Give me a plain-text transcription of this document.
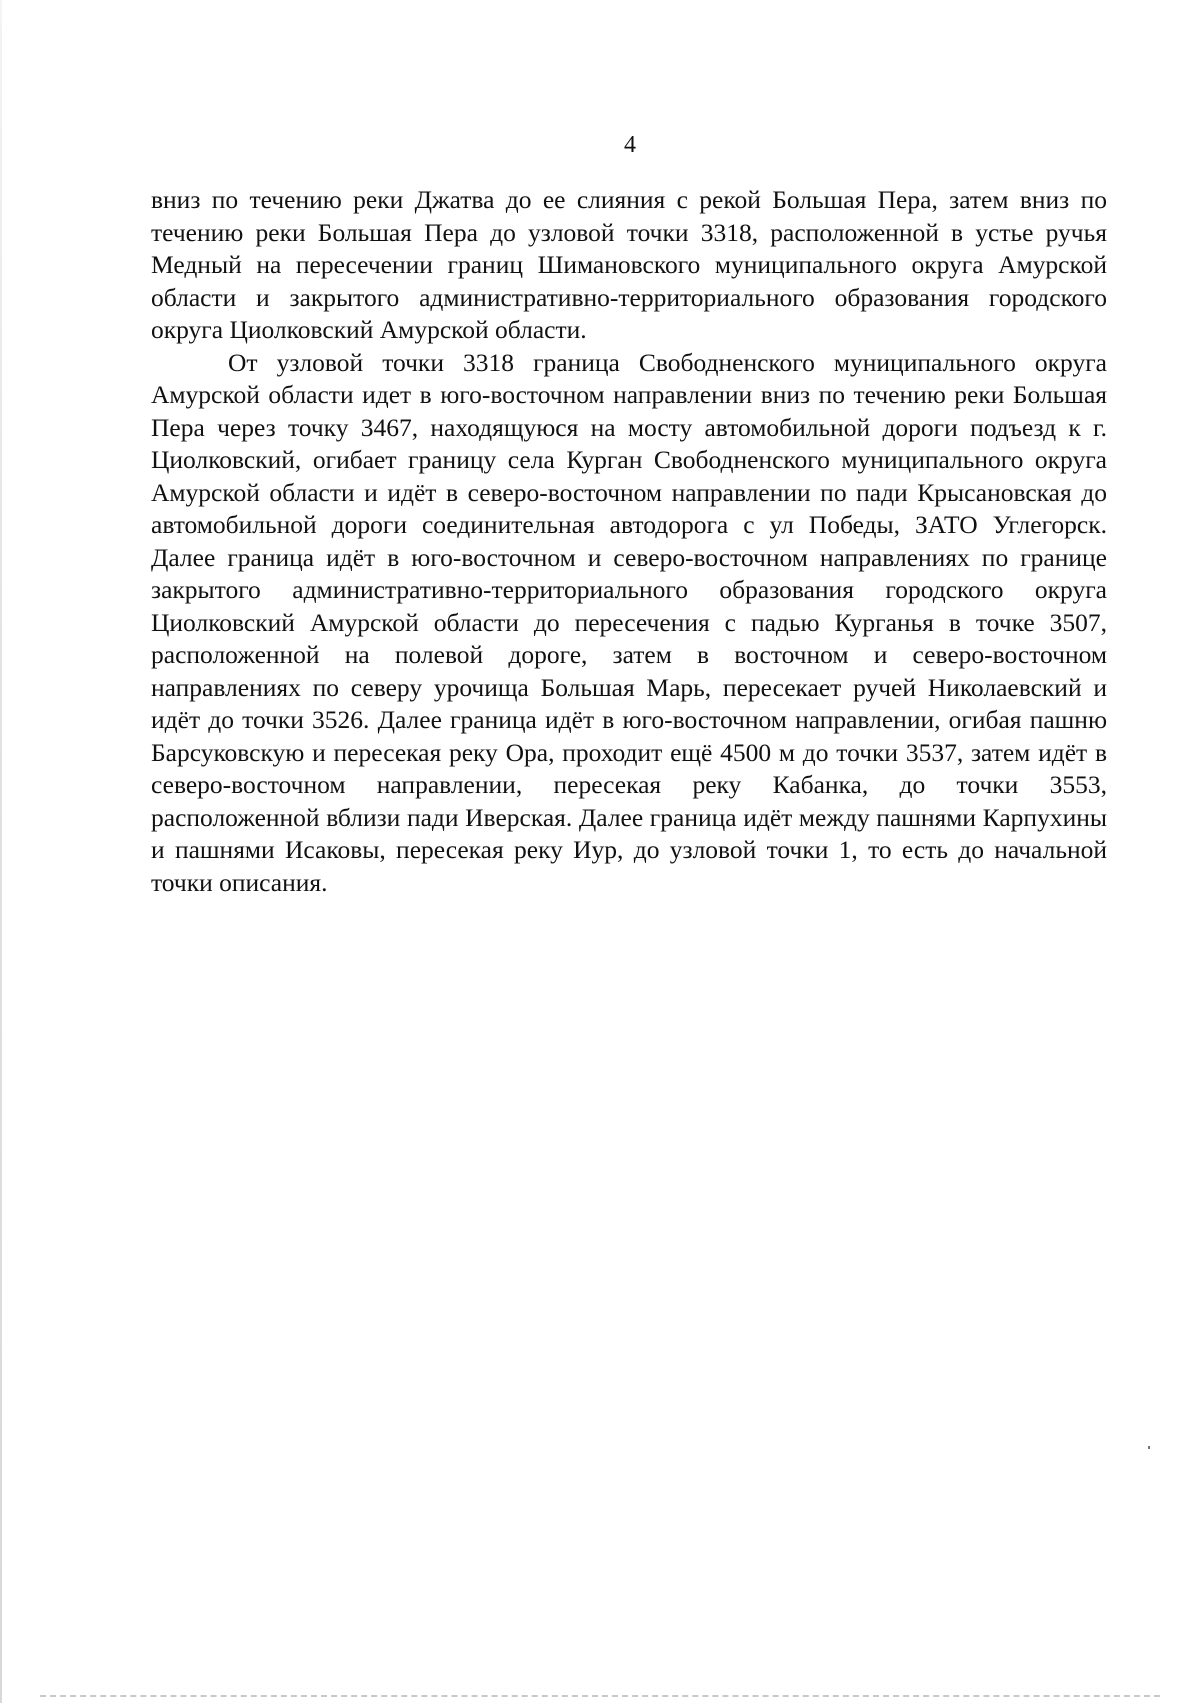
4

вниз по течению реки Джатва до ее слияния с рекой Большая Пера, затем вниз по течению реки Большая Пера до узловой точки 3318, расположенной в устье ручья Медный на пересечении границ Шимановского муниципального округа Амурской области и закрытого административно-территориального образования городского округа Циолковский Амурской области.

От узловой точки 3318 граница Свободненского муниципального округа Амурской области идет в юго-восточном направлении вниз по течению реки Большая Пера через точку 3467, находящуюся на мосту автомобильной дороги подъезд к г. Циолковский, огибает границу села Курган Свободненского муниципального округа Амурской области и идёт в северо-восточном направлении по пади Крысановская до автомобильной дороги соединительная автодорога с ул Победы, ЗАТО Углегорск. Далее граница идёт в юго-восточном и северо-восточном направлениях по границе закрытого административно-территориального образования городского округа Циолковский Амурской области до пересечения с падью Курганья в точке 3507, расположенной на полевой дороге, затем в восточном и северо-восточном направлениях по северу урочища Большая Марь, пересекает ручей Николаевский и идёт до точки 3526. Далее граница идёт в юго-восточном направлении, огибая пашню Барсуковскую и пересекая реку Ора, проходит ещё 4500 м до точки 3537, затем идёт в северо-восточном направлении, пересекая реку Кабанка, до точки 3553, расположенной вблизи пади Иверская. Далее граница идёт между пашнями Карпухины и пашнями Исаковы, пересекая реку Иур, до узловой точки 1, то есть до начальной точки описания.
